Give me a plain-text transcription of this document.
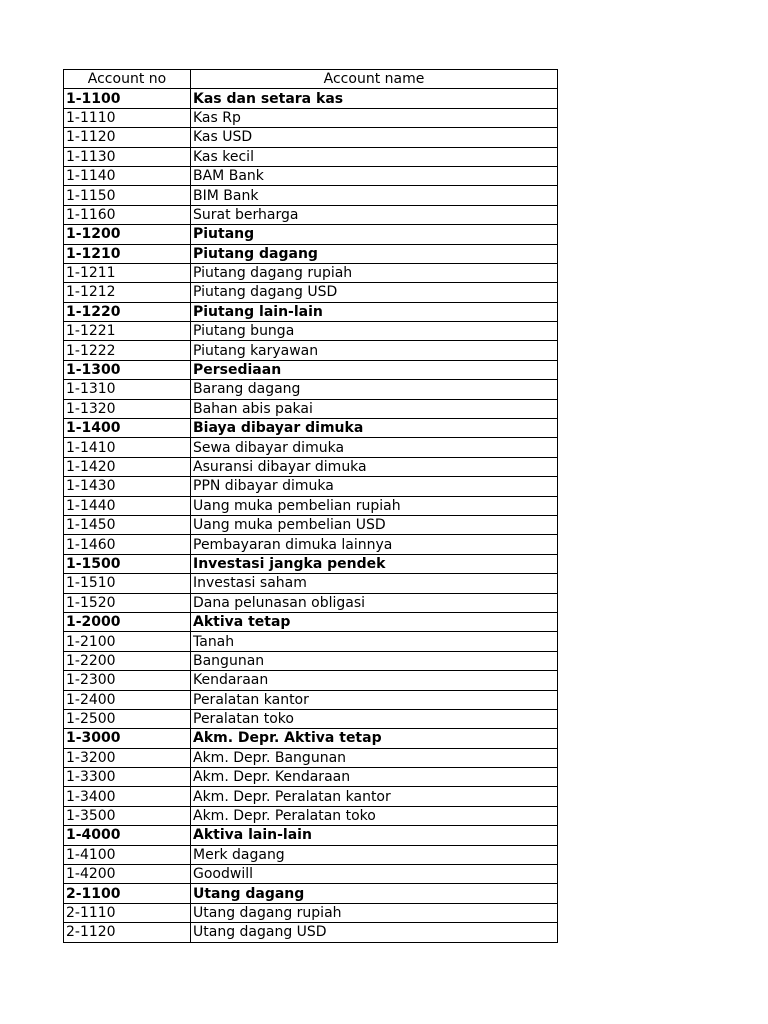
Account no	Account name
1-1100	Kas dan setara kas
1-1110	Kas Rp
1-1120	Kas USD
1-1130	Kas kecil
1-1140	BAM Bank
1-1150	BIM Bank
1-1160	Surat berharga
1-1200	Piutang
1-1210	Piutang dagang
1-1211	Piutang dagang rupiah
1-1212	Piutang dagang USD
1-1220	Piutang lain-lain
1-1221	Piutang bunga
1-1222	Piutang karyawan
1-1300	Persediaan
1-1310	Barang dagang
1-1320	Bahan abis pakai
1-1400	Biaya dibayar dimuka
1-1410	Sewa dibayar dimuka
1-1420	Asuransi dibayar dimuka
1-1430	PPN dibayar dimuka
1-1440	Uang muka pembelian rupiah
1-1450	Uang muka pembelian USD
1-1460	Pembayaran dimuka lainnya
1-1500	Investasi jangka pendek
1-1510	Investasi saham
1-1520	Dana pelunasan obligasi
1-2000	Aktiva tetap
1-2100	Tanah
1-2200	Bangunan
1-2300	Kendaraan
1-2400	Peralatan kantor
1-2500	Peralatan toko
1-3000	Akm. Depr. Aktiva tetap
1-3200	Akm. Depr. Bangunan
1-3300	Akm. Depr. Kendaraan
1-3400	Akm. Depr. Peralatan kantor
1-3500	Akm. Depr. Peralatan toko
1-4000	Aktiva lain-lain
1-4100	Merk dagang
1-4200	Goodwill
2-1100	Utang dagang
2-1110	Utang dagang rupiah
2-1120	Utang dagang USD
